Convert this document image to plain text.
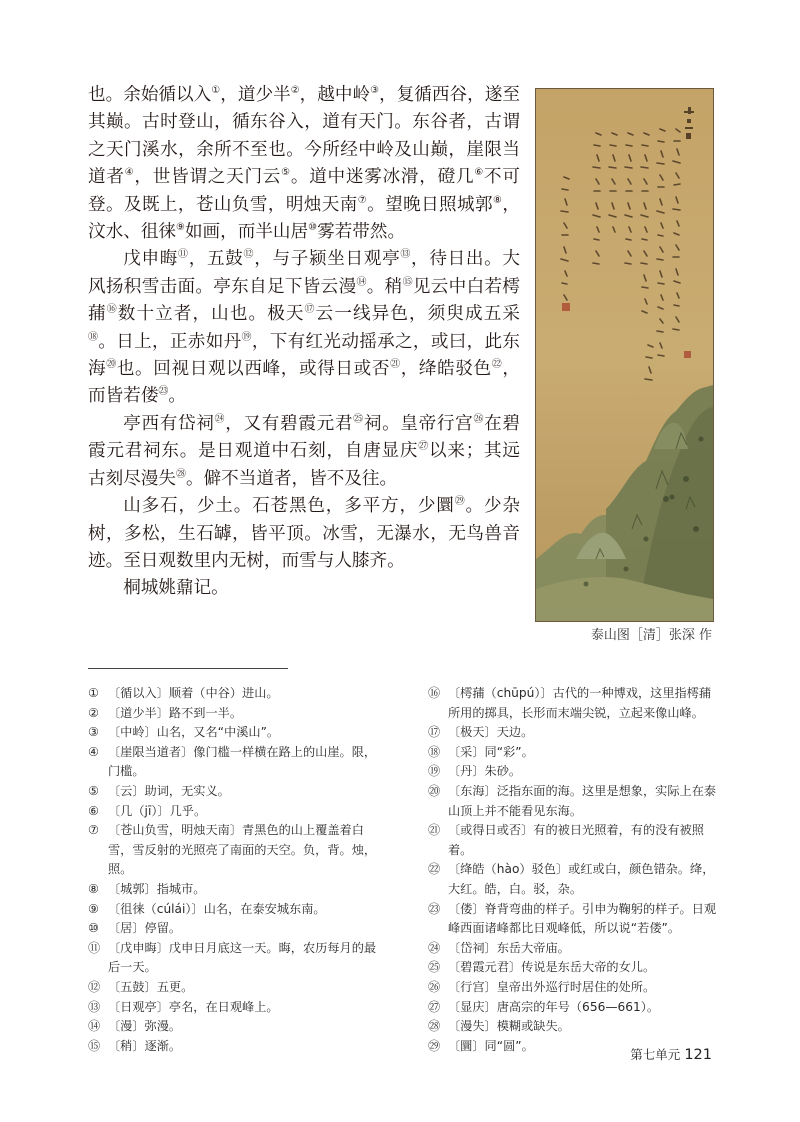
也。余始循以入①，道少半②，越中岭③，复循西谷，遂至其巅。古时登山，循东谷入，道有天门。东谷者，古谓之天门溪水，余所不至也。今所经中岭及山巅，崖限当道者④，世皆谓之天门云⑤。道中迷雾冰滑，磴几⑥不可登。及既上，苍山负雪，明烛天南⑦。望晚日照城郭⑧，汶水、徂徕⑨如画，而半山居⑩雾若带然。

戊申晦⑪，五鼓⑫，与子颍坐日观亭⑬，待日出。大风扬积雪击面。亭东自足下皆云漫⑭。稍⑮见云中白若樗蒱⑯数十立者，山也。极天⑰云一线异色，须臾成五采⑱。日上，正赤如丹⑲，下有红光动摇承之，或曰，此东海⑳也。回视日观以西峰，或得日或否$^㉑$，绛皓驳色$^㉒$，而皆若偻$^㉓$。

亭西有岱祠$^㉔$，又有碧霞元君$^㉕$祠。皇帝行宫$^㉖$在碧霞元君祠东。是日观道中石刻，自唐显庆$^㉗$以来；其远古刻尽漫失$^㉘$。僻不当道者，皆不及往。

山多石，少土。石苍黑色，多平方，少圜$^㉙$。少杂树，多松，生石罅，皆平顶。冰雪，无瀑水，无鸟兽音迹。至日观数里内无树，而雪与人膝齐。

桐城姚鼐记。

泰山图［清］张深 作
① 〔循以入〕顺着（中谷）进山。
② 〔道少半〕路不到一半。
③ 〔中岭〕山名，又名“中溪山”。
④ 〔崖限当道者〕像门槛一样横在路上的山崖。限，门槛。
⑤ 〔云〕助词，无实义。
⑥ 〔几（jī）〕几乎。
⑦ 〔苍山负雪，明烛天南〕青黑色的山上覆盖着白雪，雪反射的光照亮了南面的天空。负，背。烛，照。
⑧ 〔城郭〕指城市。
⑨ 〔徂徕（cúlái）〕山名，在泰安城东南。
⑩ 〔居〕停留。
⑪ 〔戊申晦〕戊申日月底这一天。晦，农历每月的最后一天。
⑫ 〔五鼓〕五更。
⑬ 〔日观亭〕亭名，在日观峰上。
⑭ 〔漫〕弥漫。
⑮ 〔稍〕逐渐。
⑯ 〔樗蒱（chūpú）〕古代的一种博戏，这里指樗蒱所用的掷具，长形而末端尖锐，立起来像山峰。
⑰ 〔极天〕天边。
⑱ 〔采〕同“彩”。
⑲ 〔丹〕朱砂。
⑳ 〔东海〕泛指东面的海。这里是想象，实际上在泰山顶上并不能看见东海。
㉑ 〔或得日或否〕有的被日光照着，有的没有被照着。
㉒ 〔绛皓（hào）驳色〕或红或白，颜色错杂。绛，大红。皓，白。驳，杂。
㉓ 〔偻〕脊背弯曲的样子。引申为鞠躬的样子。日观峰西面诸峰都比日观峰低，所以说“若偻”。
㉔ 〔岱祠〕东岳大帝庙。
㉕ 〔碧霞元君〕传说是东岳大帝的女儿。
㉖ 〔行宫〕皇帝出外巡行时居住的处所。
㉗ 〔显庆〕唐高宗的年号（656—661）。
㉘ 〔漫失〕模糊或缺失。
㉙ 〔圜〕同“圆”。
第七单元 121
